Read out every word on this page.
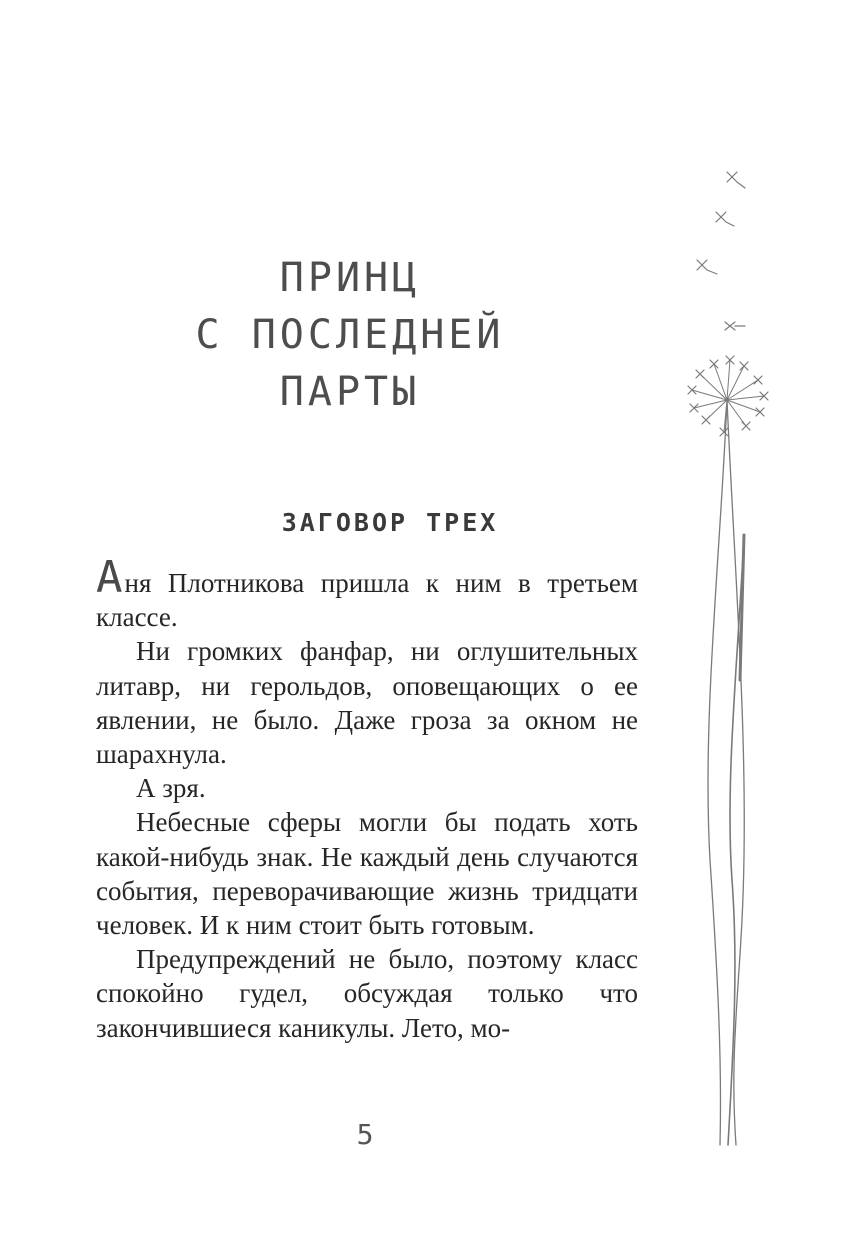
ПРИНЦ
С ПОСЛЕДНЕЙ
ПАРТЫ
ЗАГОВОР ТРЕХ

Аня Плотникова пришла к ним в третьем классе.

Ни громких фанфар, ни оглушительных литавр, ни герольдов, оповещающих о ее явлении, не было. Даже гроза за окном не шарахнула.

А зря.

Небесные сферы могли бы подать хоть какой-нибудь знак. Не каждый день случаются события, переворачивающие жизнь тридцати человек. И к ним стоит быть готовым.

Предупреждений не было, поэтому класс спокойно гудел, обсуждая только что закончившиеся каникулы. Лето, мо-

5
